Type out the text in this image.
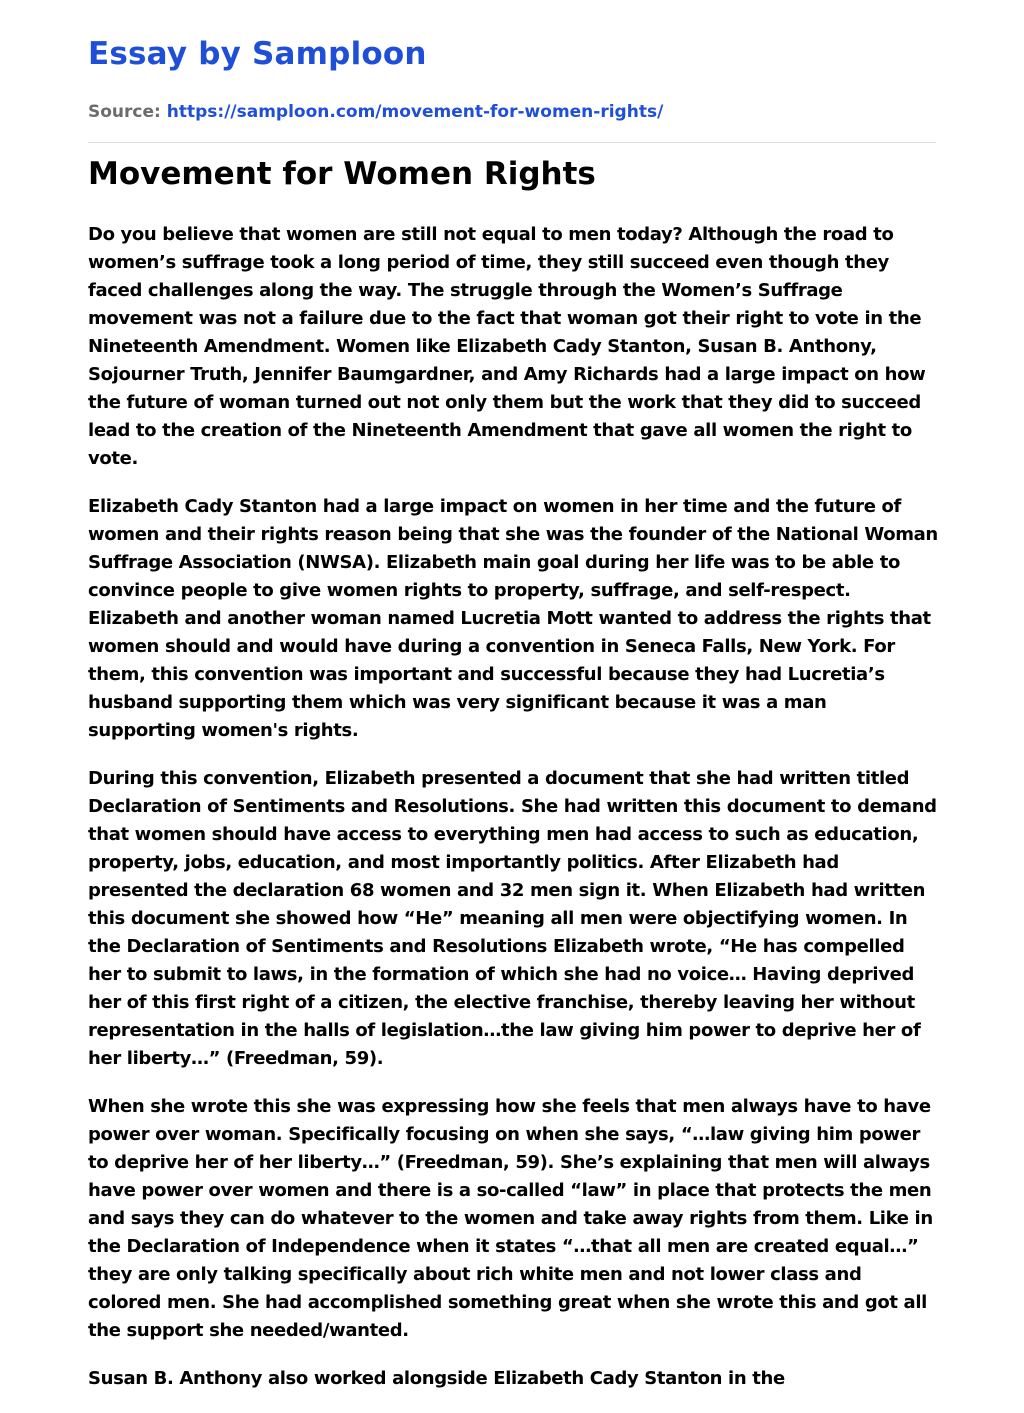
Essay by Samploon
Source: https://samploon.com/movement-for-women-rights/
Movement for Women Rights

Do you believe that women are still not equal to men today? Although the road to women’s suffrage took a long period of time, they still succeed even though they faced challenges along the way. The struggle through the Women’s Suffrage movement was not a failure due to the fact that woman got their right to vote in the Nineteenth Amendment. Women like Elizabeth Cady Stanton, Susan B. Anthony, Sojourner Truth, Jennifer Baumgardner, and Amy Richards had a large impact on how the future of woman turned out not only them but the work that they did to succeed lead to the creation of the Nineteenth Amendment that gave all women the right to vote.

Elizabeth Cady Stanton had a large impact on women in her time and the future of women and their rights reason being that she was the founder of the National Woman Suffrage Association (NWSA). Elizabeth main goal during her life was to be able to convince people to give women rights to property, suffrage, and self-respect. Elizabeth and another woman named Lucretia Mott wanted to address the rights that women should and would have during a convention in Seneca Falls, New York. For them, this convention was important and successful because they had Lucretia’s husband supporting them which was very significant because it was a man supporting women's rights.

During this convention, Elizabeth presented a document that she had written titled Declaration of Sentiments and Resolutions. She had written this document to demand that women should have access to everything men had access to such as education, property, jobs, education, and most importantly politics. After Elizabeth had presented the declaration 68 women and 32 men sign it. When Elizabeth had written this document she showed how “He” meaning all men were objectifying women. In the Declaration of Sentiments and Resolutions Elizabeth wrote, “He has compelled her to submit to laws, in the formation of which she had no voice… Having deprived her of this first right of a citizen, the elective franchise, thereby leaving her without representation in the halls of legislation…the law giving him power to deprive her of her liberty…” (Freedman, 59).

When she wrote this she was expressing how she feels that men always have to have power over woman. Specifically focusing on when she says, “…law giving him power to deprive her of her liberty…” (Freedman, 59). She’s explaining that men will always have power over women and there is a so-called “law” in place that protects the men and says they can do whatever to the women and take away rights from them. Like in the Declaration of Independence when it states “…that all men are created equal…” they are only talking specifically about rich white men and not lower class and colored men. She had accomplished something great when she wrote this and got all the support she needed/wanted.

Susan B. Anthony also worked alongside Elizabeth Cady Stanton in the
